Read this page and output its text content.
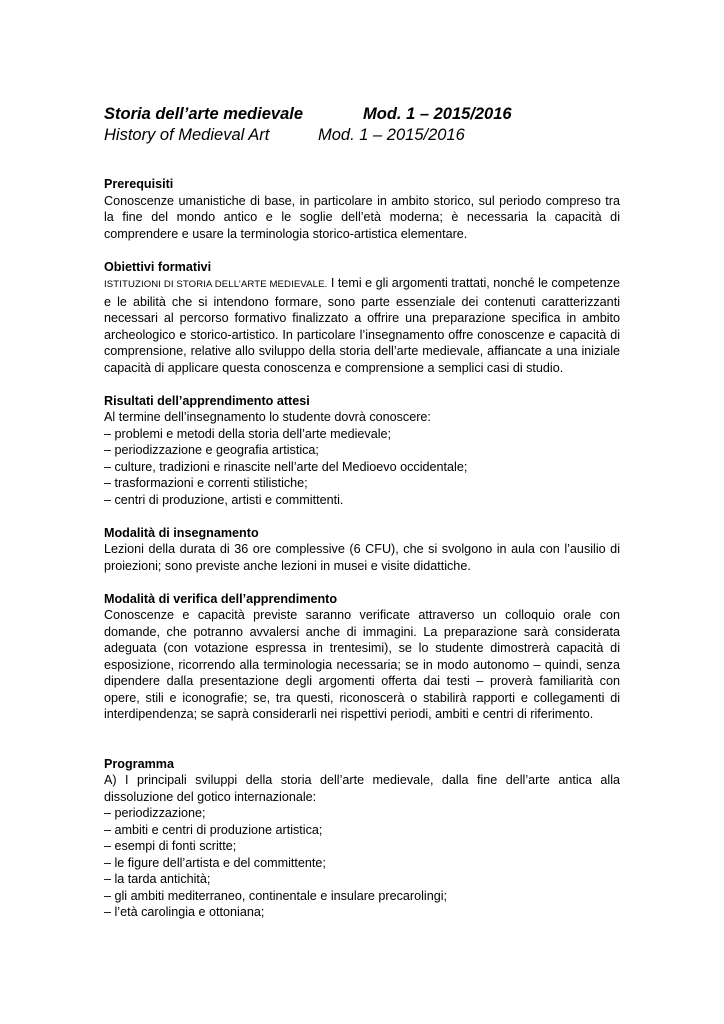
Storia dell’arte medievale	Mod. 1 – 2015/2016
History of Medieval Art	Mod. 1 – 2015/2016
Prerequisiti
Conoscenze umanistiche di base, in particolare in ambito storico, sul periodo compreso tra la fine del mondo antico e le soglie dell’età moderna; è necessaria la capacità di comprendere e usare la terminologia storico-artistica elementare.
Obiettivi formativi
ISTITUZIONI DI STORIA DELL’ARTE MEDIEVALE. I temi e gli argomenti trattati, nonché le competenze e le abilità che si intendono formare, sono parte essenziale dei contenuti caratterizzanti necessari al percorso formativo finalizzato a offrire una preparazione specifica in ambito archeologico e storico-artistico. In particolare l’insegnamento offre conoscenze e capacità di comprensione, relative allo sviluppo della storia dell’arte medievale, affiancate a una iniziale capacità di applicare questa conoscenza e comprensione a semplici casi di studio.
Risultati dell’apprendimento attesi
Al termine dell’insegnamento lo studente dovrà conoscere:
– problemi e metodi della storia dell’arte medievale;
– periodizzazione e geografia artistica;
– culture, tradizioni e rinascite nell’arte del Medioevo occidentale;
– trasformazioni e correnti stilistiche;
– centri di produzione, artisti e committenti.
Modalità di insegnamento
Lezioni della durata di 36 ore complessive (6 CFU), che si svolgono in aula con l’ausilio di proiezioni; sono previste anche lezioni in musei e visite didattiche.
Modalità di verifica dell’apprendimento
Conoscenze e capacità previste saranno verificate attraverso un colloquio orale con domande, che potranno avvalersi anche di immagini. La preparazione sarà considerata adeguata (con votazione espressa in trentesimi), se lo studente dimostrerà capacità di esposizione, ricorrendo alla terminologia necessaria; se in modo autonomo – quindi, senza dipendere dalla presentazione degli argomenti offerta dai testi – proverà familiarità con opere, stili e iconografie; se, tra questi, riconoscerà o stabilirà rapporti e collegamenti di interdipendenza; se saprà considerarli nei rispettivi periodi, ambiti e centri di riferimento.
Programma
A) I principali sviluppi della storia dell’arte medievale, dalla fine dell’arte antica alla dissoluzione del gotico internazionale:
– periodizzazione;
– ambiti e centri di produzione artistica;
– esempi di fonti scritte;
– le figure dell’artista e del committente;
– la tarda antichità;
– gli ambiti mediterraneo, continentale e insulare precarolingi;
– l’età carolingia e ottoniana;
